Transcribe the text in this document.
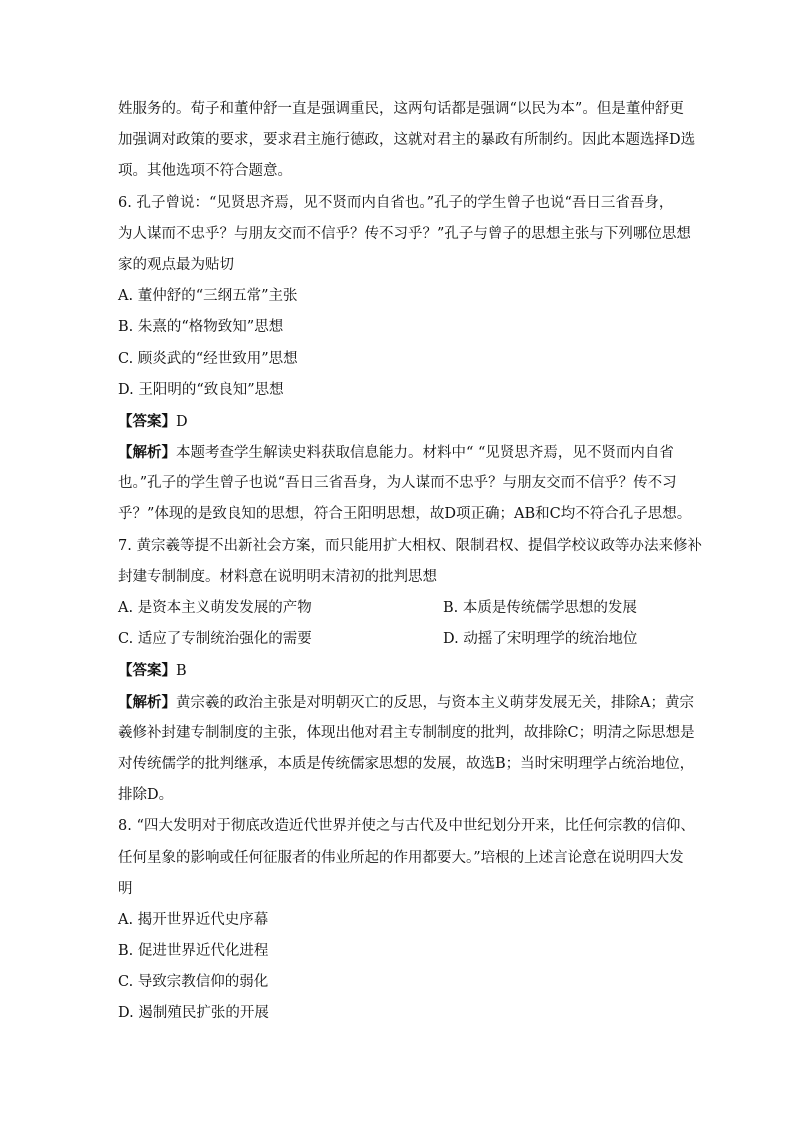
姓服务的。荀子和董仲舒一直是强调重民，这两句话都是强调“以民为本”。但是董仲舒更
加强调对政策的要求，要求君主施行德政，这就对君主的暴政有所制约。因此本题选择D选
项。其他选项不符合题意。
6. 孔子曾说：“见贤思齐焉，见不贤而内自省也。”孔子的学生曾子也说“吾日三省吾身，
为人谋而不忠乎？与朋友交而不信乎？传不习乎？”孔子与曾子的思想主张与下列哪位思想
家的观点最为贴切
A. 董仲舒的“三纲五常”主张
B. 朱熹的“格物致知”思想
C. 顾炎武的“经世致用”思想
D. 王阳明的“致良知”思想
【答案】D
【解析】本题考查学生解读史料获取信息能力。材料中“ “见贤思齐焉，见不贤而内自省
也。”孔子的学生曾子也说“吾日三省吾身，为人谋而不忠乎？与朋友交而不信乎？传不习
乎？”体现的是致良知的思想，符合王阳明思想，故D项正确；AB和C均不符合孔子思想。
7. 黄宗羲等提不出新社会方案，而只能用扩大相权、限制君权、提倡学校议政等办法来修补
封建专制制度。材料意在说明明末清初的批判思想
A. 是资本主义萌发发展的产物	B. 本质是传统儒学思想的发展
C. 适应了专制统治强化的需要	D. 动摇了宋明理学的统治地位
【答案】B
【解析】黄宗羲的政治主张是对明朝灭亡的反思，与资本主义萌芽发展无关，排除A；黄宗
羲修补封建专制制度的主张，体现出他对君主专制制度的批判，故排除C；明清之际思想是
对传统儒学的批判继承，本质是传统儒家思想的发展，故选B；当时宋明理学占统治地位，
排除D。
8. “四大发明对于彻底改造近代世界并使之与古代及中世纪划分开来，比任何宗教的信仰、
任何星象的影响或任何征服者的伟业所起的作用都要大。”培根的上述言论意在说明四大发
明
A. 揭开世界近代史序幕
B. 促进世界近代化进程
C. 导致宗教信仰的弱化
D. 遏制殖民扩张的开展
